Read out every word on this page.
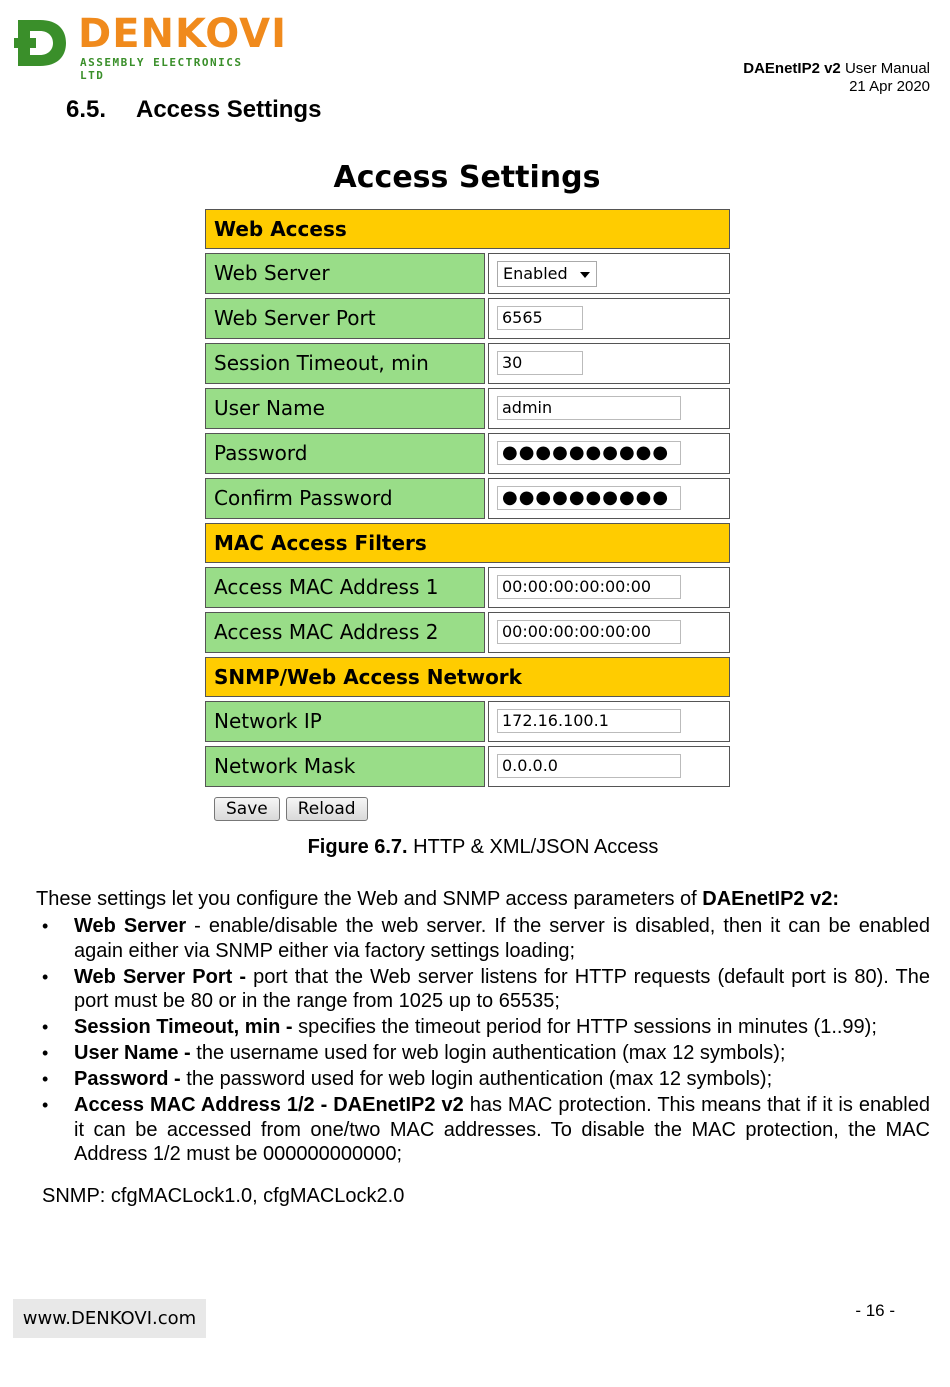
DENKOVI
ASSEMBLY ELECTRONICS LTD	DAEnetIP2 v2 User Manual
21 Apr 2020
6.5. Access Settings
Access Settings
Web Access
Web Server	Enabled
Web Server Port	6565
Session Timeout, min	30
User Name	admin
Password	●●●●●●●●●●
Confirm Password	●●●●●●●●●●
MAC Access Filters
Access MAC Address 1	00:00:00:00:00:00
Access MAC Address 2	00:00:00:00:00:00
SNMP/Web Access Network
Network IP	172.16.100.1
Network Mask	0.0.0.0
Save Reload
Figure 6.7. HTTP & XML/JSON Access
These settings let you configure the Web and SNMP access parameters of DAEnetIP2 v2:
• Web Server - enable/disable the web server. If the server is disabled, then it can be enabled again either via SNMP either via factory settings loading;
• Web Server Port - port that the Web server listens for HTTP requests (default port is 80). The port must be 80 or in the range from 1025 up to 65535;
• Session Timeout, min - specifies the timeout period for HTTP sessions in minutes (1..99);
• User Name - the username used for web login authentication (max 12 symbols);
• Password - the password used for web login authentication (max 12 symbols);
• Access MAC Address 1/2 - DAEnetIP2 v2 has MAC protection. This means that if it is enabled it can be accessed from one/two MAC addresses. To disable the MAC protection, the MAC Address 1/2 must be 000000000000;
SNMP: cfgMACLock1.0, cfgMACLock2.0
www.DENKOVI.com	- 16 -
